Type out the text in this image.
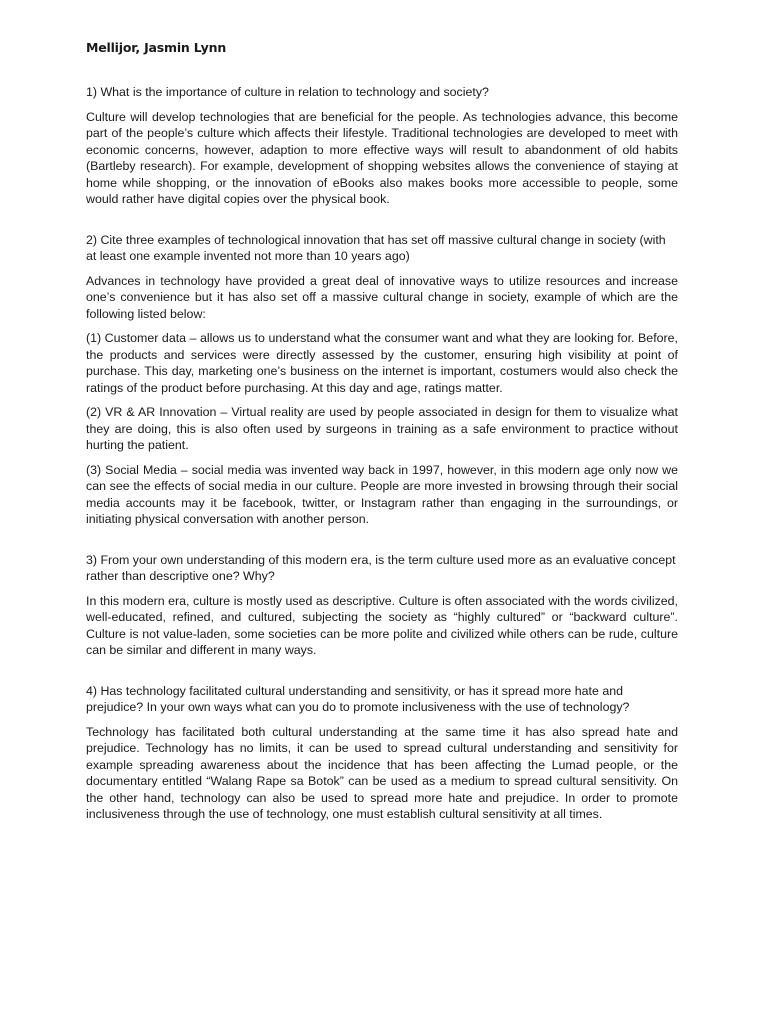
Mellijor, Jasmin Lynn

1) What is the importance of culture in relation to technology and society?

Culture will develop technologies that are beneficial for the people. As technologies advance, this become part of the people’s culture which affects their lifestyle. Traditional technologies are developed to meet with economic concerns, however, adaption to more effective ways will result to abandonment of old habits (Bartleby research). For example, development of shopping websites allows the convenience of staying at home while shopping, or the innovation of eBooks also makes books more accessible to people, some would rather have digital copies over the physical book.

2) Cite three examples of technological innovation that has set off massive cultural change in society (with at least one example invented not more than 10 years ago)

Advances in technology have provided a great deal of innovative ways to utilize resources and increase one’s convenience but it has also set off a massive cultural change in society, example of which are the following listed below:

(1) Customer data – allows us to understand what the consumer want and what they are looking for. Before, the products and services were directly assessed by the customer, ensuring high visibility at point of purchase. This day, marketing one’s business on the internet is important, costumers would also check the ratings of the product before purchasing. At this day and age, ratings matter.

(2) VR & AR Innovation – Virtual reality are used by people associated in design for them to visualize what they are doing, this is also often used by surgeons in training as a safe environment to practice without hurting the patient.

(3) Social Media – social media was invented way back in 1997, however, in this modern age only now we can see the effects of social media in our culture. People are more invested in browsing through their social media accounts may it be facebook, twitter, or Instagram rather than engaging in the surroundings, or initiating physical conversation with another person.

3) From your own understanding of this modern era, is the term culture used more as an evaluative concept rather than descriptive one? Why?

In this modern era, culture is mostly used as descriptive. Culture is often associated with the words civilized, well-educated, refined, and cultured, subjecting the society as “highly cultured” or “backward culture”. Culture is not value-laden, some societies can be more polite and civilized while others can be rude, culture can be similar and different in many ways.

4) Has technology facilitated cultural understanding and sensitivity, or has it spread more hate and prejudice? In your own ways what can you do to promote inclusiveness with the use of technology?

Technology has facilitated both cultural understanding at the same time it has also spread hate and prejudice. Technology has no limits, it can be used to spread cultural understanding and sensitivity for example spreading awareness about the incidence that has been affecting the Lumad people, or the documentary entitled “Walang Rape sa Botok” can be used as a medium to spread cultural sensitivity. On the other hand, technology can also be used to spread more hate and prejudice. In order to promote inclusiveness through the use of technology, one must establish cultural sensitivity at all times.
